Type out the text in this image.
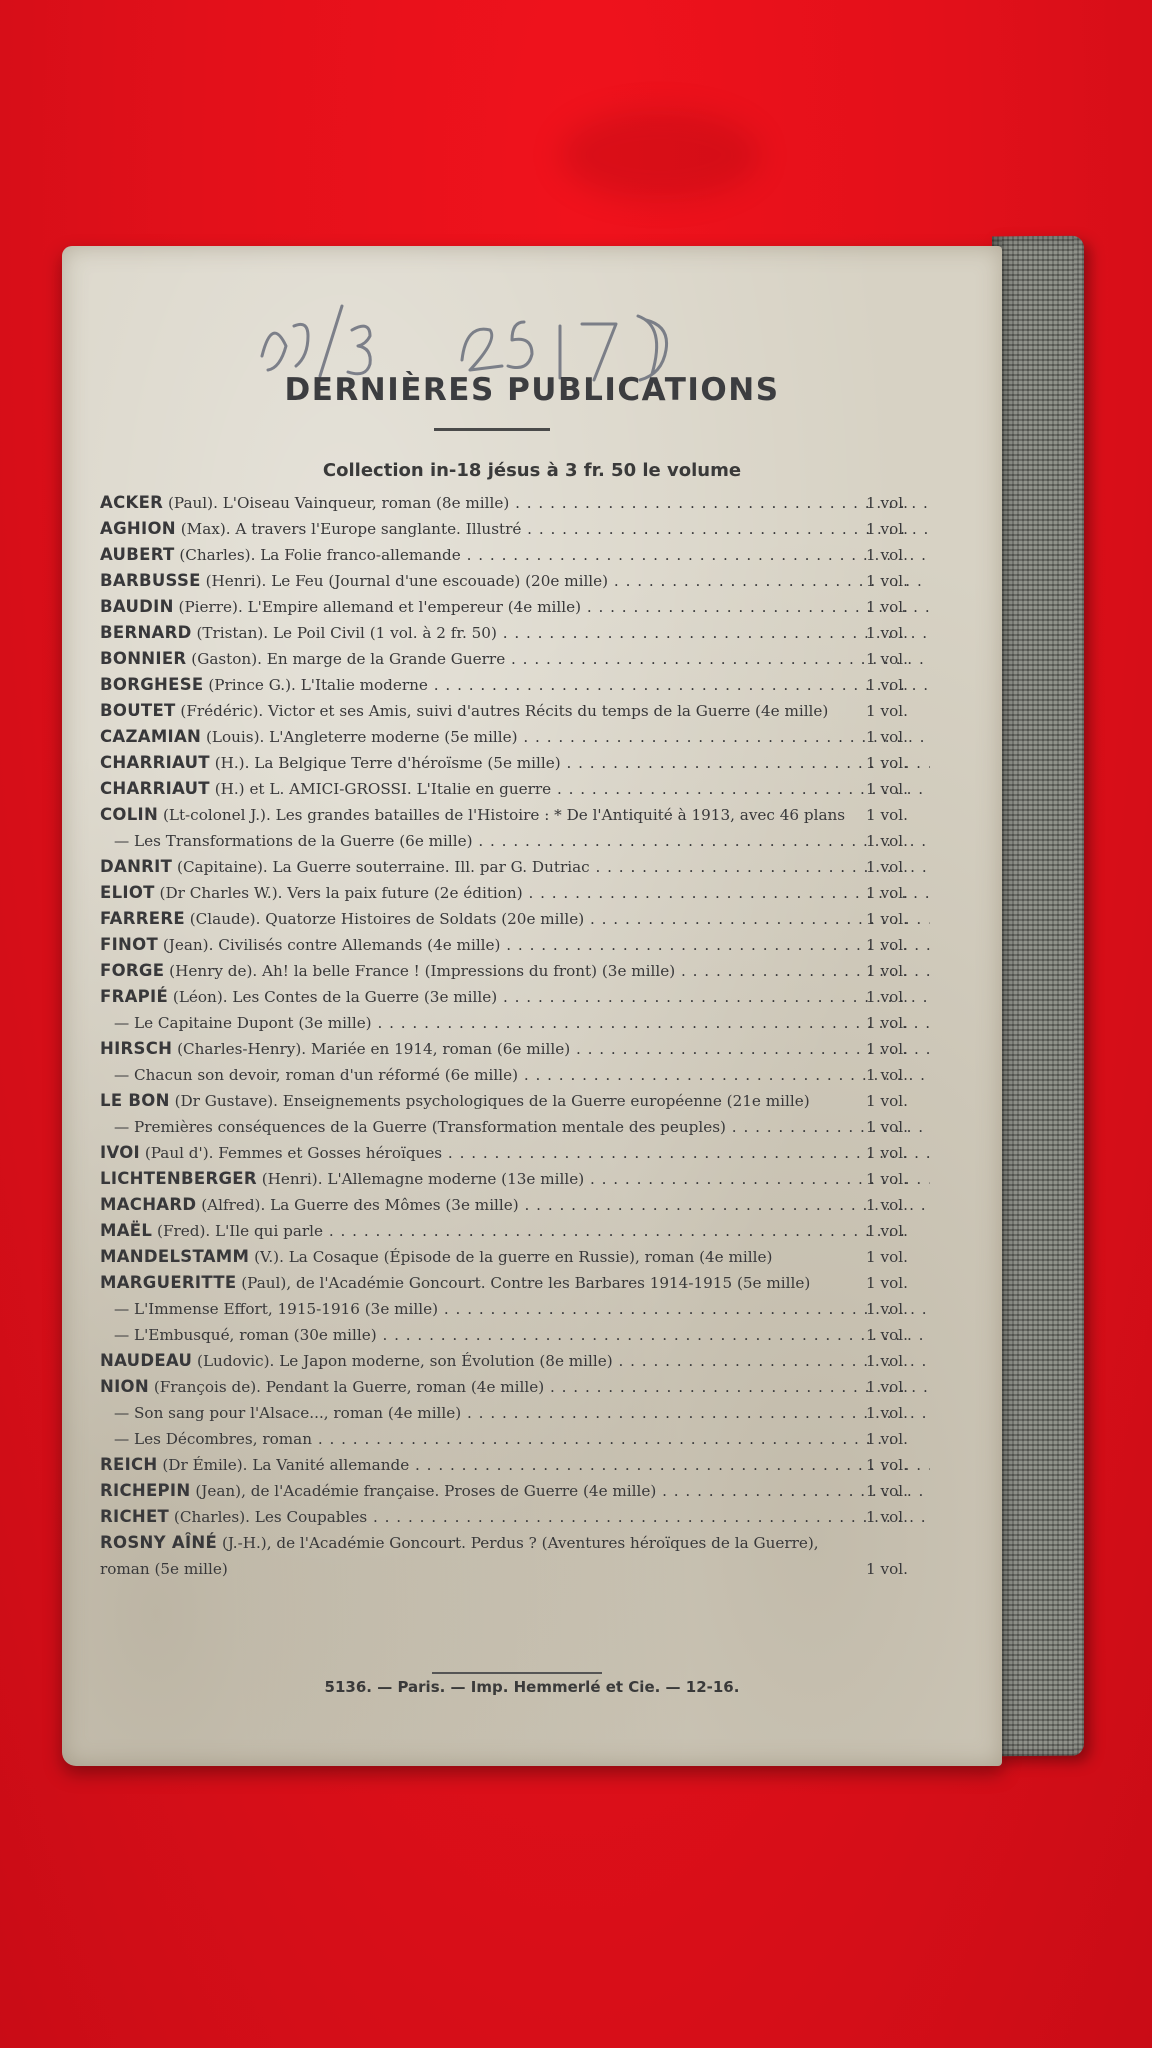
DERNIÈRES PUBLICATIONS
Collection in-18 jésus à 3 fr. 50 le volume
ACKER (Paul). L'Oiseau Vainqueur, roman (8e mille) . . .	1 vol.
AGHION (Max). A travers l'Europe sanglante. Illustré . . .	1 vol.
AUBERT (Charles). La Folie franco-allemande . . .	1 vol.
BARBUSSE (Henri). Le Feu (Journal d'une escouade) (20e mille) . . .	1 vol.
BAUDIN (Pierre). L'Empire allemand et l'empereur (4e mille) . . .	1 vol.
BERNARD (Tristan). Le Poil Civil (1 vol. à 2 fr. 50) . . .	1 vol.
BONNIER (Gaston). En marge de la Grande Guerre . . .	1 vol.
BORGHESE (Prince G.). L'Italie moderne . . .	1 vol.
BOUTET (Frédéric). Victor et ses Amis, suivi d'autres Récits du temps de la Guerre (4e mille)	1 vol.
CAZAMIAN (Louis). L'Angleterre moderne (5e mille) . . .	1 vol.
CHARRIAUT (H.). La Belgique Terre d'héroïsme (5e mille) . . .	1 vol.
CHARRIAUT (H.) et L. AMICI-GROSSI. L'Italie en guerre . . .	1 vol.
COLIN (Lt-colonel J.). Les grandes batailles de l'Histoire : * De l'Antiquité à 1913, avec 46 plans	1 vol.
— Les Transformations de la Guerre (6e mille) . . .	1 vol.
DANRIT (Capitaine). La Guerre souterraine. Ill. par G. Dutriac . . .	1 vol.
ELIOT (Dr Charles W.). Vers la paix future (2e édition) . . .	1 vol.
FARRERE (Claude). Quatorze Histoires de Soldats (20e mille) . . .	1 vol.
FINOT (Jean). Civilisés contre Allemands (4e mille) . . .	1 vol.
FORGE (Henry de). Ah! la belle France ! (Impressions du front) (3e mille) . . .	1 vol.
FRAPIÉ (Léon). Les Contes de la Guerre (3e mille) . . .	1 vol.
— Le Capitaine Dupont (3e mille) . . .	1 vol.
HIRSCH (Charles-Henry). Mariée en 1914, roman (6e mille) . . .	1 vol.
— Chacun son devoir, roman d'un réformé (6e mille) . . .	1 vol.
LE BON (Dr Gustave). Enseignements psychologiques de la Guerre européenne (21e mille)	1 vol.
— Premières conséquences de la Guerre (Transformation mentale des peuples) . . .	1 vol.
IVOI (Paul d'). Femmes et Gosses héroïques . . .	1 vol.
LICHTENBERGER (Henri). L'Allemagne moderne (13e mille) . . .	1 vol.
MACHARD (Alfred). La Guerre des Mômes (3e mille) . . .	1 vol.
MAËL (Fred). L'Ile qui parle . . .	1 vol.
MANDELSTAMM (V.). La Cosaque (Épisode de la guerre en Russie), roman (4e mille)	1 vol.
MARGUERITTE (Paul), de l'Académie Goncourt. Contre les Barbares 1914-1915 (5e mille)	1 vol.
— L'Immense Effort, 1915-1916 (3e mille) . . .	1 vol.
— L'Embusqué, roman (30e mille) . . .	1 vol.
NAUDEAU (Ludovic). Le Japon moderne, son Évolution (8e mille) . . .	1 vol.
NION (François de). Pendant la Guerre, roman (4e mille) . . .	1 vol.
— Son sang pour l'Alsace..., roman (4e mille) . . .	1 vol.
— Les Décombres, roman . . .	1 vol.
REICH (Dr Émile). La Vanité allemande . . .	1 vol.
RICHEPIN (Jean), de l'Académie française. Proses de Guerre (4e mille) . . .	1 vol.
RICHET (Charles). Les Coupables . . .	1 vol.
ROSNY AÎNÉ (J.-H.), de l'Académie Goncourt. Perdus ? (Aventures héroïques de la Guerre), roman (5e mille)	1 vol.
5136. — Paris. — Imp. Hemmerlé et Cie. — 12-16.
